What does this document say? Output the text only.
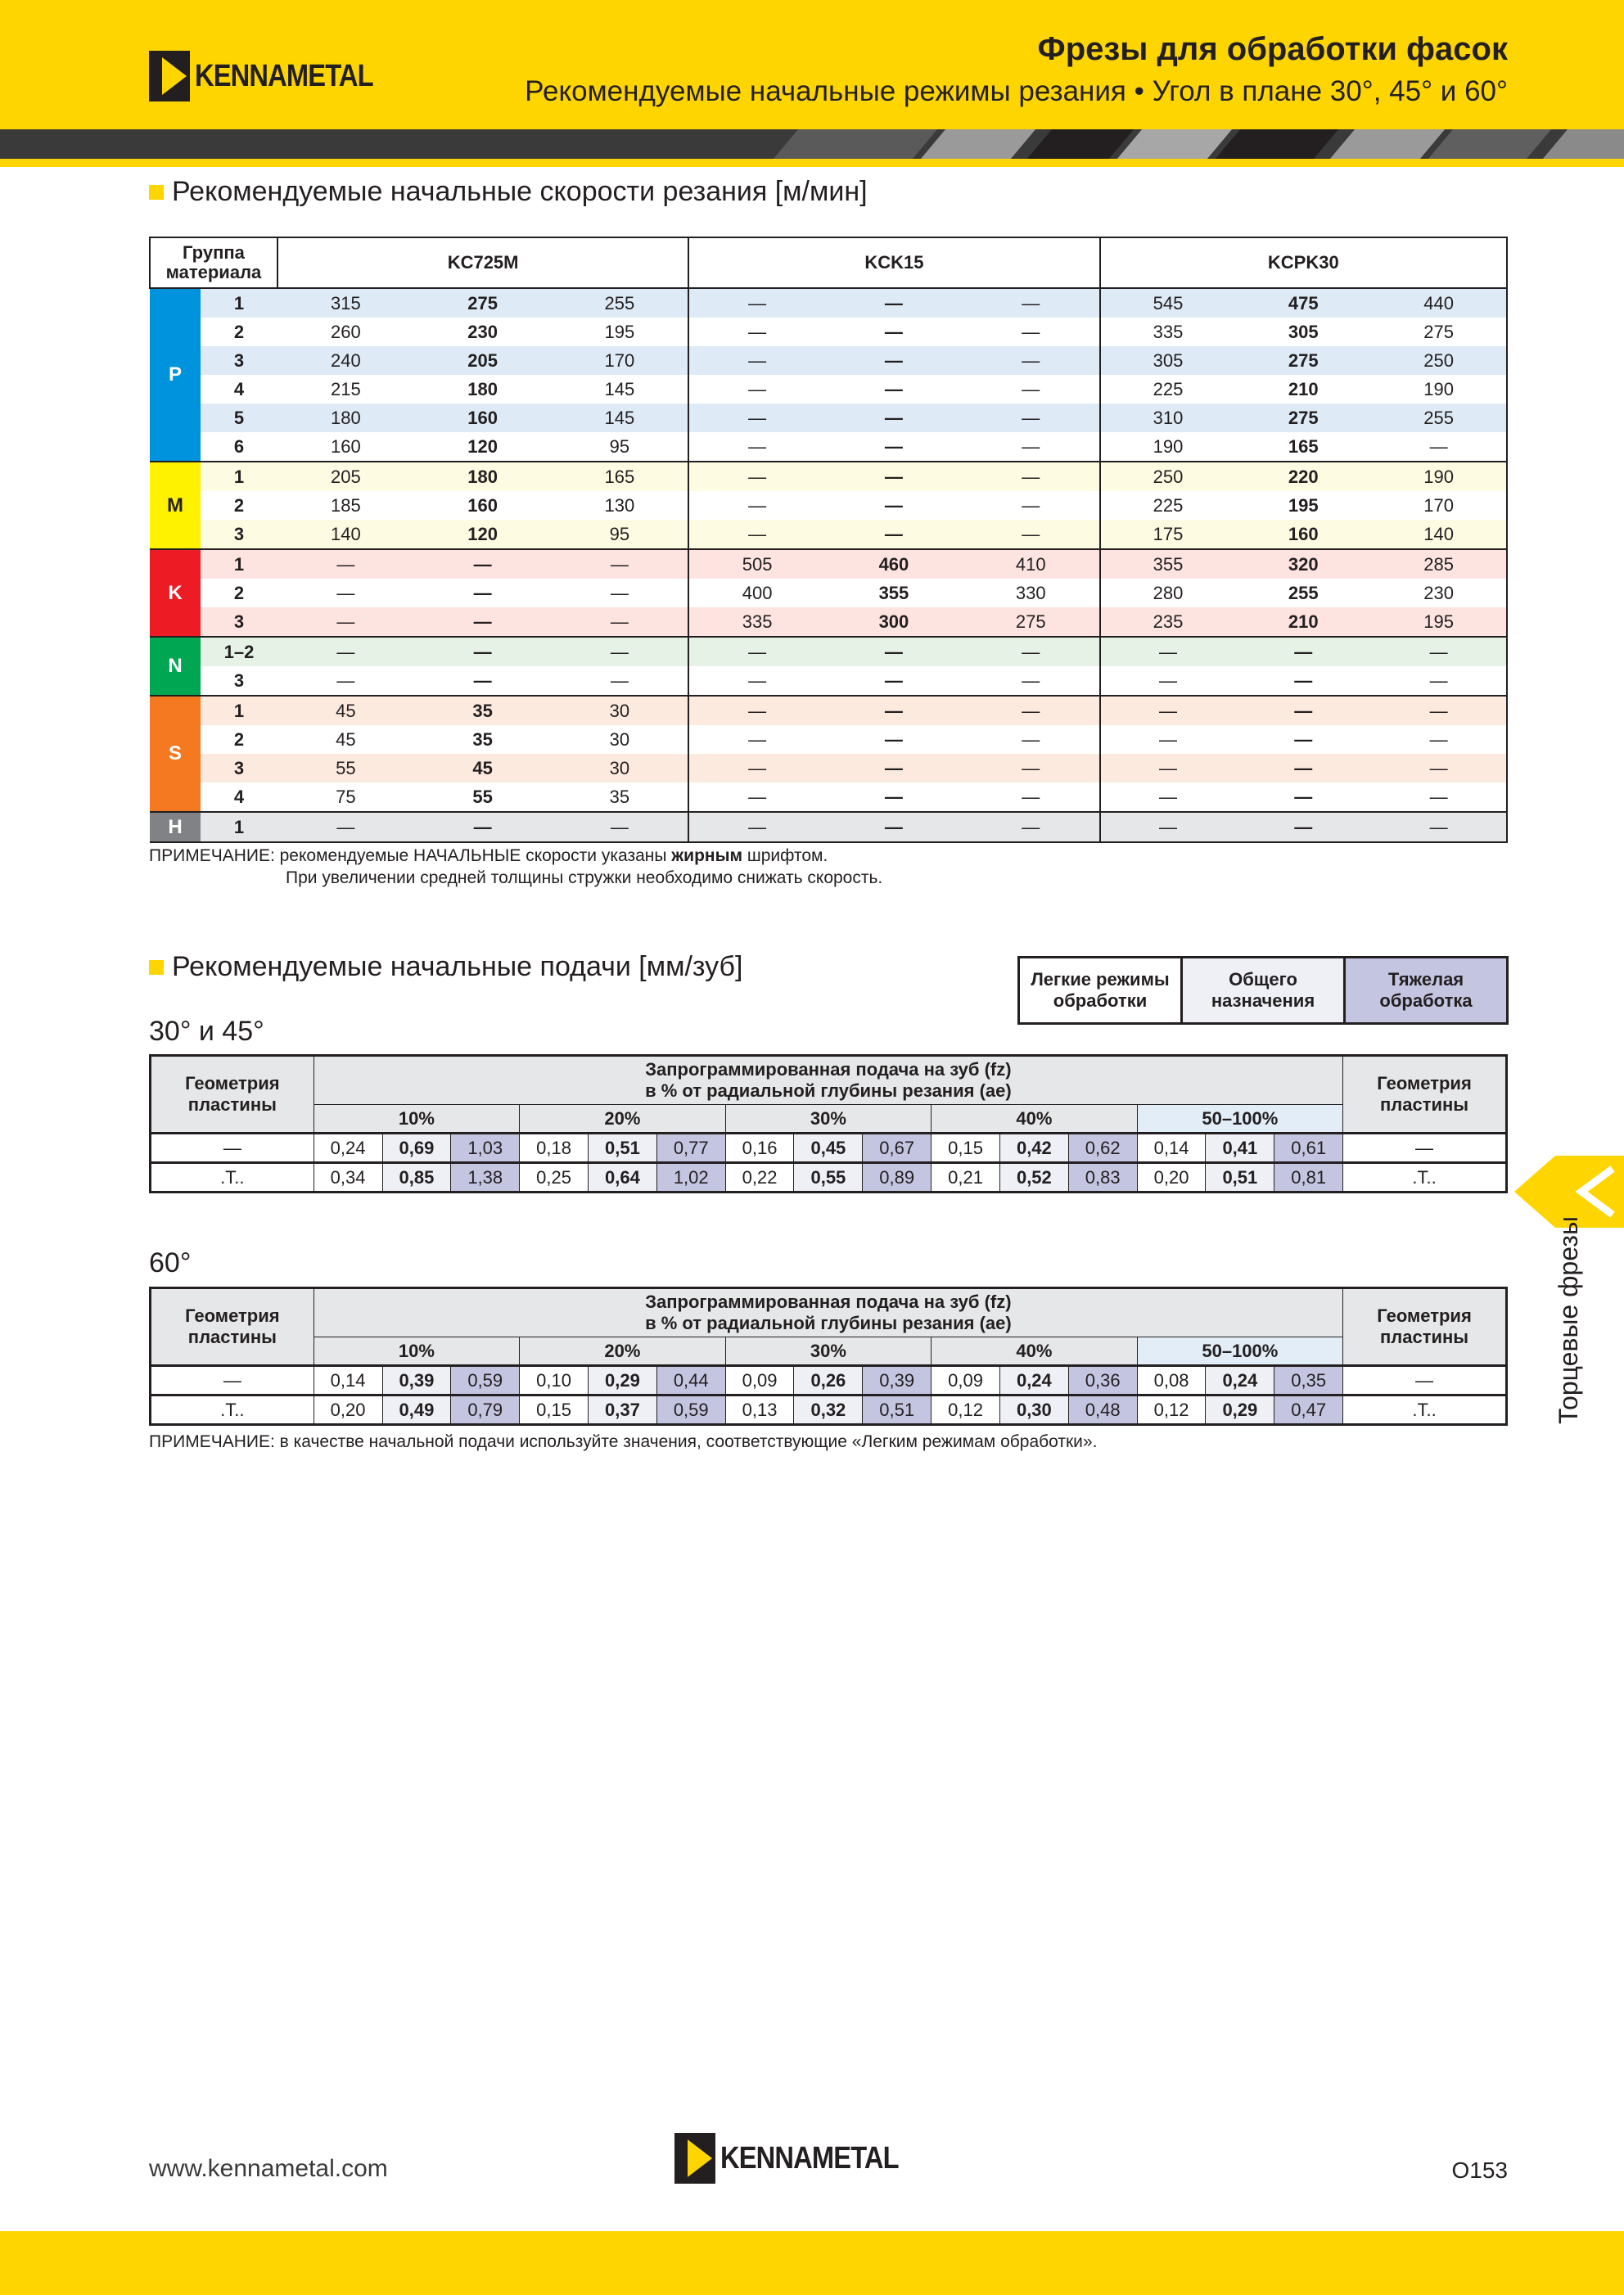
KENNAMETAL
Фрезы для обработки фасок
Рекомендуемые начальные режимы резания • Угол в плане 30°, 45° и 60°
Рекомендуемые начальные скорости резания [м/мин]
Группа материала		KC725M			KCK15			KCPK30		
P	1	315	275	255	—	—	—	545	475	440
	2	260	230	195	—	—	—	335	305	275
	3	240	205	170	—	—	—	305	275	250
	4	215	180	145	—	—	—	225	210	190
	5	180	160	145	—	—	—	310	275	255
	6	160	120	95	—	—	—	190	165	—
M	1	205	180	165	—	—	—	250	220	190
	2	185	160	130	—	—	—	225	195	170
	3	140	120	95	—	—	—	175	160	140
K	1	—	—	—	505	460	410	355	320	285
	2	—	—	—	400	355	330	280	255	230
	3	—	—	—	335	300	275	235	210	195
N	1–2	—	—	—	—	—	—	—	—	—
	3	—	—	—	—	—	—	—	—	—
S	1	45	35	30	—	—	—	—	—	—
	2	45	35	30	—	—	—	—	—	—
	3	55	45	30	—	—	—	—	—	—
	4	75	55	35	—	—	—	—	—	—
H	1	—	—	—	—	—	—	—	—	—
ПРИМЕЧАНИЕ: рекомендуемые НАЧАЛЬНЫЕ скорости указаны жирным шрифтом.
При увеличении средней толщины стружки необходимо снижать скорость.
Рекомендуемые начальные подачи [мм/зуб]	Легкие режимы обработки
Общего назначения
Тяжелая обработка
30° и 45°
Геометрия пластины	Запрограммированная подача на зуб (fz)
в % от радиальной глубины резания (ae)															Геометрия пластины
	10%			20%			30%			40%			50–100%			
—	0,24	0,69	1,03	0,18	0,51	0,77	0,16	0,45	0,67	0,15	0,42	0,62	0,14	0,41	0,61	—
.T..	0,34	0,85	1,38	0,25	0,64	1,02	0,22	0,55	0,89	0,21	0,52	0,83	0,20	0,51	0,81	.T..
60°
Геометрия пластины	Запрограммированная подача на зуб (fz)
в % от радиальной глубины резания (ae)															Геометрия пластины
	10%			20%			30%			40%			50–100%			
—	0,14	0,39	0,59	0,10	0,29	0,44	0,09	0,26	0,39	0,09	0,24	0,36	0,08	0,24	0,35	—
.T..	0,20	0,49	0,79	0,15	0,37	0,59	0,13	0,32	0,51	0,12	0,30	0,48	0,12	0,29	0,47	.T..
ПРИМЕЧАНИЕ: в качестве начальной подачи используйте значения, соответствующие «Легким режимам обработки».
Торцевые фрезы
www.kennametal.com	KENNAMETAL	O153
